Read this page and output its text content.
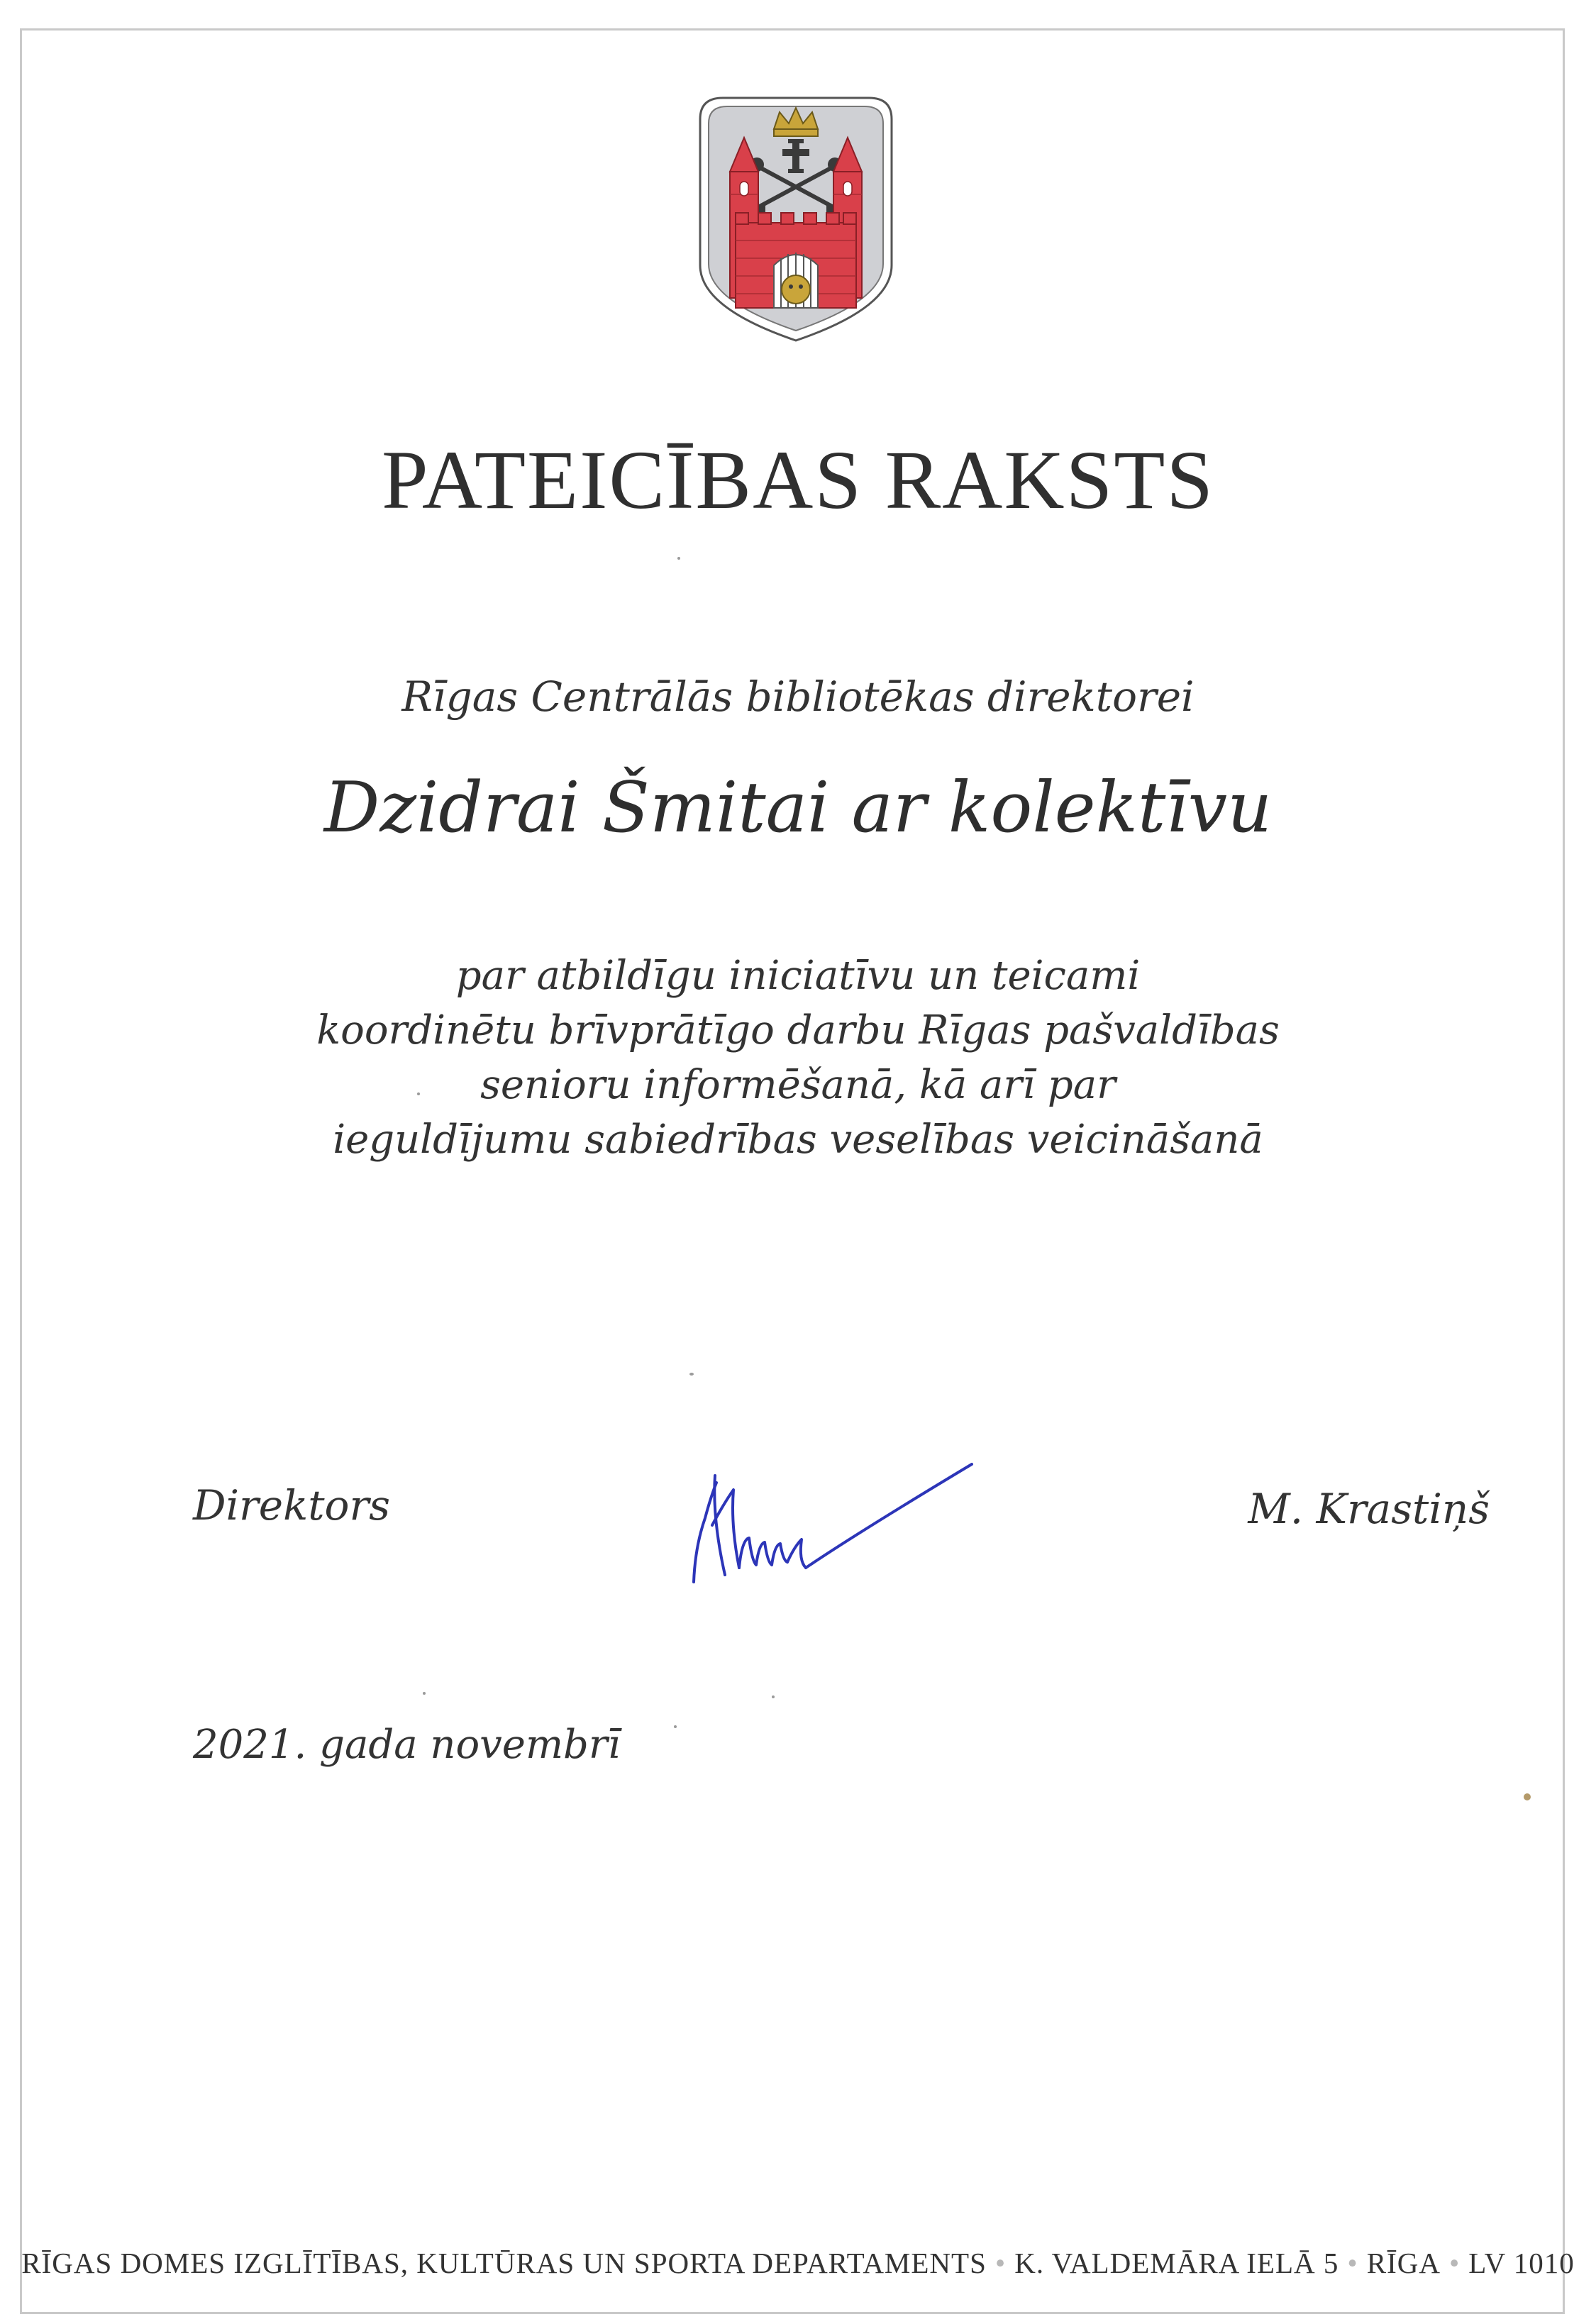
PATEICĪBAS RAKSTS
Rīgas Centrālās bibliotēkas direktorei
Dzidrai Šmitai ar kolektīvu
par atbildīgu iniciatīvu un teicami
koordinētu brīvprātīgo darbu Rīgas pašvaldības
senioru informēšanā, kā arī par
ieguldījumu sabiedrības veselības veicināšanā
Direktors	M. Krastiņš
2021. gada novembrī
RĪGAS DOMES IZGLĪTĪBAS, KULTŪRAS UN SPORTA DEPARTAMENTS • K. VALDEMĀRA IELĀ 5 • RĪGA • LV 1010
